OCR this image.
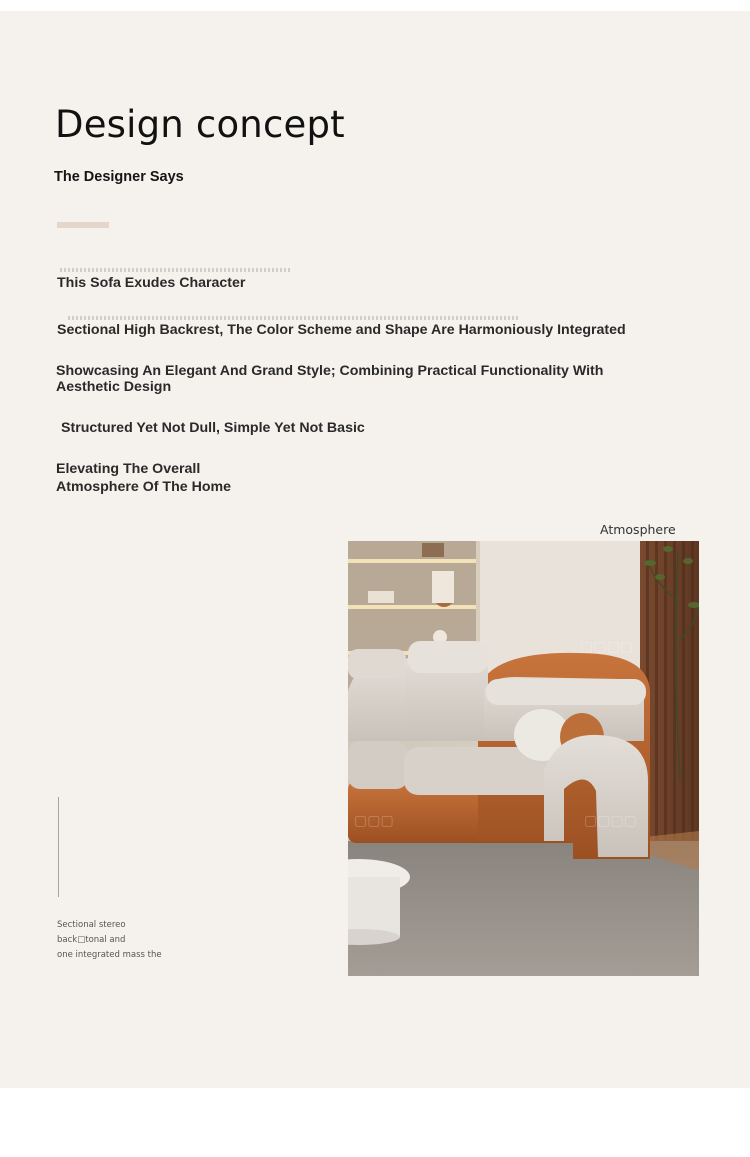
Design concept
The Designer Says
This Sofa Exudes Character
Sectional High Backrest, The Color Scheme and Shape Are Harmoniously Integrated
Showcasing An Elegant And Grand Style; Combining Practical Functionality With Aesthetic Design
Structured Yet Not Dull, Simple Yet Not Basic
Elevating The Overall Atmosphere Of The Home
Atmosphere
▢▢▢▢
▢▢▢▢
▢▢▢
Sectional stereo
back□tonal and
one integrated mass the
